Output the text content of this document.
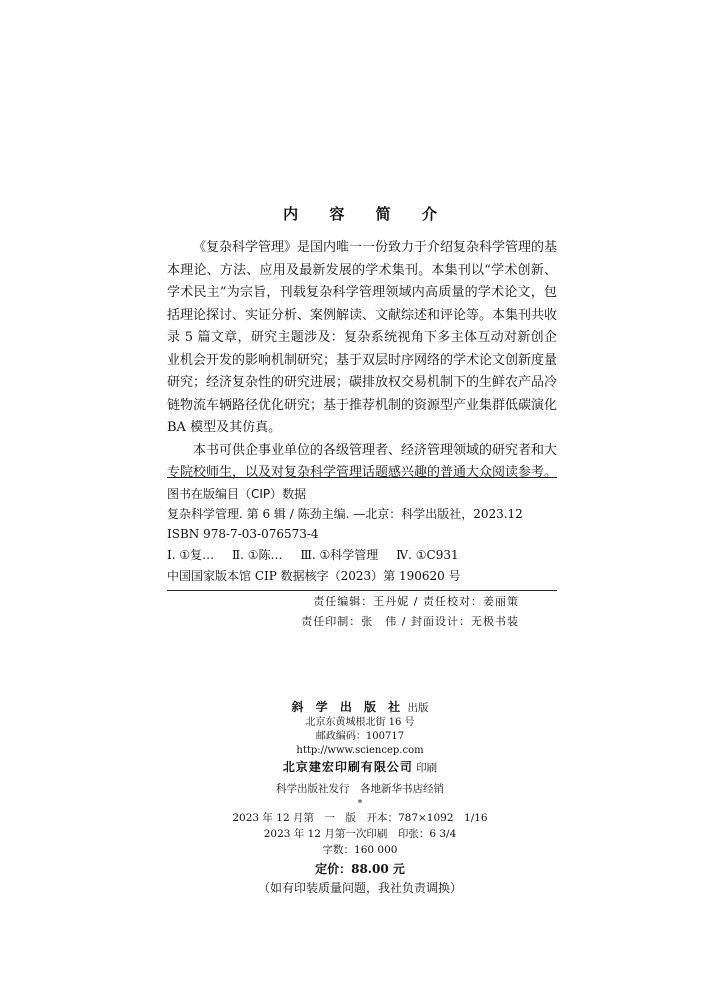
内 容 简 介

《复杂科学管理》是国内唯一一份致力于介绍复杂科学管理的基本理论、方法、应用及最新发展的学术集刊。本集刊以“学术创新、学术民主”为宗旨，刊载复杂科学管理领域内高质量的学术论文，包括理论探讨、实证分析、案例解读、文献综述和评论等。本集刊共收录 5 篇文章，研究主题涉及：复杂系统视角下多主体互动对新创企业机会开发的影响机制研究；基于双层时序网络的学术论文创新度量研究；经济复杂性的研究进展；碳排放权交易机制下的生鲜农产品冷链物流车辆路径优化研究；基于推荐机制的资源型产业集群低碳演化 BA 模型及其仿真。

本书可供企事业单位的各级管理者、经济管理领域的研究者和大专院校师生，以及对复杂科学管理话题感兴趣的普通大众阅读参考。

图书在版编目（CIP）数据
复杂科学管理. 第 6 辑 / 陈劲主编. —北京：科学出版社，2023.12
ISBN 978-7-03-076573-4
Ⅰ. ①复… Ⅱ. ①陈… Ⅲ. ①科学管理 Ⅳ. ①C931
中国国家版本馆 CIP 数据核字（2023）第 190620 号
责任编辑：王丹妮 / 责任校对：姜丽策
责任印制：张　伟 / 封面设计：无极书装
斜 学 出 版 社 出版
北京东黄城根北街 16 号
邮政编码：100717
http://www.sciencep.com
北京建宏印刷有限公司 印刷
科学出版社发行　各地新华书店经销
*
2023 年 12 月第　一　版　开本：787×1092　1/16
2023 年 12 月第一次印刷　印张：6 3/4
字数：160 000
定价：88.00 元
（如有印装质量问题，我社负责调换）
